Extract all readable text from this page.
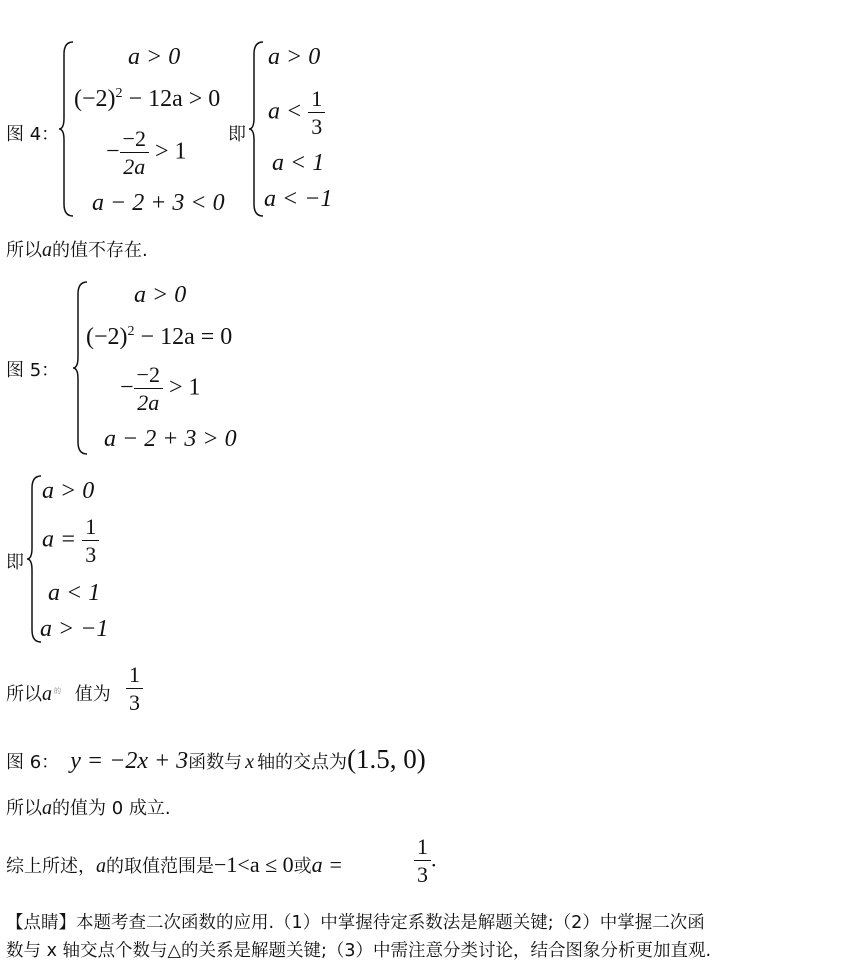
图 4：
a > 0
$(-2)^2 - 12a > 0$
− $\frac{-2}{2a} > 1$
a − 2 + 3 < 0
即
a > 0
$a < \frac{1}{3}$
a < 1
a < −1
所以a的值不存在.
图 5：
a > 0
$(-2)^2 - 12a = 0$
− $\frac{-2}{2a} > 1$
a − 2 + 3 > 0
即
a > 0
$a = \frac{1}{3}$
a < 1
a > −1
所以a $^的$ 值为 $\frac{1}{3}$
图 6： y = −2x + 3函数与 x 轴的交点为(1.5, 0)
所以a的值为 0 成立.
综上所述，a的取值范围是−1<a ≤ 0或a =	$\frac{1}{3}$ .
【点睛】本题考查二次函数的应用.（1）中掌握待定系数法是解题关键;（2）中掌握二次函
数与 x 轴交点个数与△的关系是解题关键;（3）中需注意分类讨论，结合图象分析更加直观.
